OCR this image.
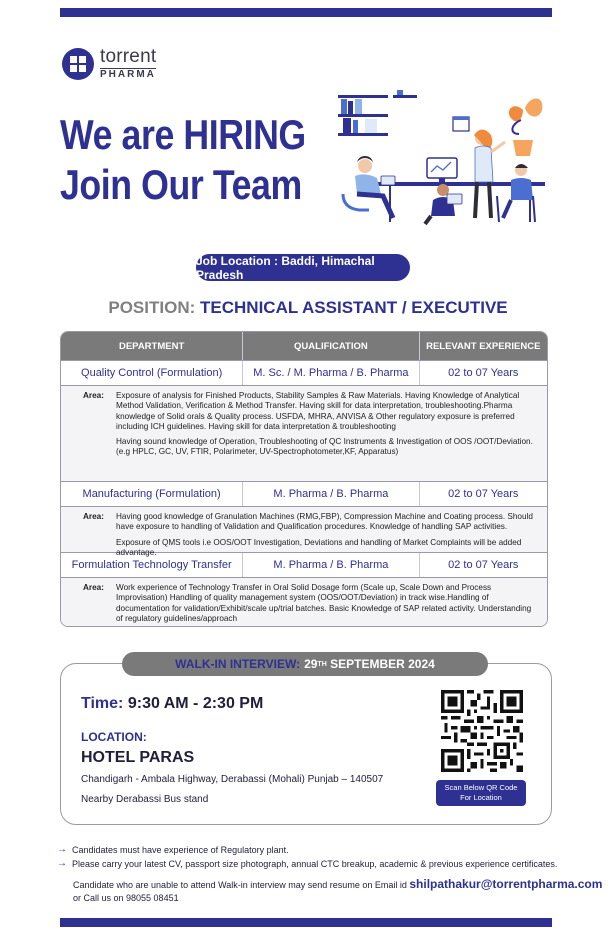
torrent
PHARMA
We are HIRING
Join Our Team
Job Location : Baddi, Himachal Pradesh
POSITION: TECHNICAL ASSISTANT / EXECUTIVE
DEPARTMENT	QUALIFICATION	RELEVANT EXPERIENCE
Quality Control (Formulation)	M. Sc. / M. Pharma / B. Pharma	02 to 07 Years
Area:	Exposure of analysis for Finished Products, Stability Samples & Raw Materials. Having Knowledge of Analytical Method Validation, Verification & Method Transfer. Having skill for data interpretation, troubleshooting.Pharma knowledge of Solid orals & Quality process. USFDA, MHRA, ANVISA & Other regulatory exposure is preferred including ICH guidelines. Having skill for data interpretation & troubleshooting

Having sound knowledge of Operation, Troubleshooting of QC Instruments & Investigation of OOS /OOT/Deviation. (e.g HPLC, GC, UV, FTIR, Polarimeter, UV-Spectrophotometer,KF, Apparatus)

Manufacturing (Formulation)	M. Pharma / B. Pharma	02 to 07 Years
Area:	Having good knowledge of Granulation Machines (RMG,FBP), Compression Machine and Coating process. Should have exposure to handling of Validation and Qualification procedures. Knowledge of handling SAP activities.

Exposure of QMS tools i.e OOS/OOT Investigation, Deviations and handling of Market Complaints will be added advantage.

Formulation Technology Transfer	M. Pharma / B. Pharma	02 to 07 Years
Area:	Work experience of Technology Transfer in Oral Solid Dosage form (Scale up, Scale Down and Process Improvisation) Handling of quality management system (OOS/OOT/Deviation) in track wise.Handling of documentation for validation/Exhibit/scale up/trial batches. Basic Knowledge of SAP related activity. Understanding of regulatory guidelines/approach

WALK-IN INTERVIEW: 29 TH
SEPTEMBER 2024
Time: 9:30 AM - 2:30 PM
LOCATION:
HOTEL PARAS
Chandigarh - Ambala Highway, Derabassi (Mohali) Punjab – 140507
Nearby Derabassi Bus stand
Scan Below QR Code
For Location
→ Candidates must have experience of Regulatory plant.
→ Please carry your latest CV, passport size photograph, annual CTC breakup, academic & previous experience certificates.
Candidate who are unable to attend Walk-in interview may send resume on Email id shilpathakur@torrentpharma.com
or Call us on 98055 08451
